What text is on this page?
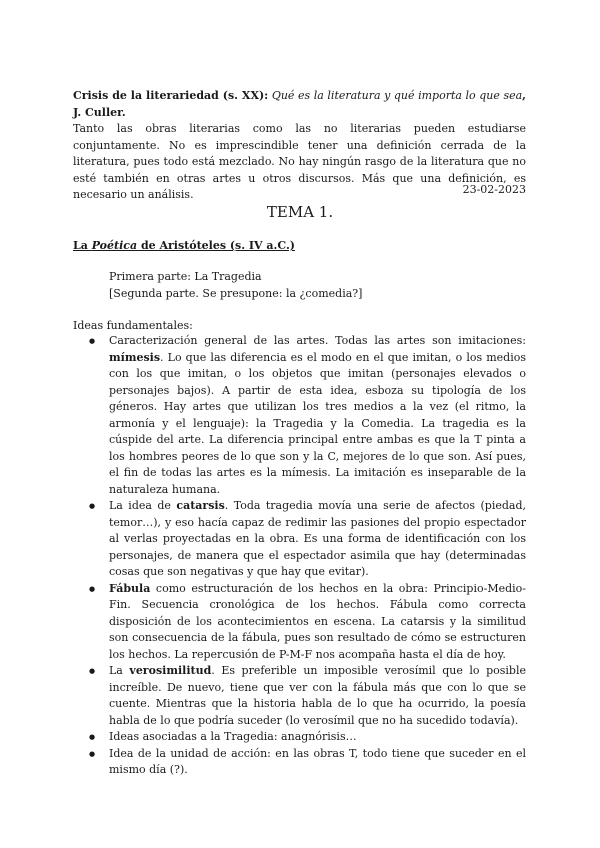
Crisis de la literariedad (s. XX): Qué es la literatura y qué importa lo que sea, J. Culler.
Tanto las obras literarias como las no literarias pueden estudiarse conjuntamente. No es imprescindible tener una definición cerrada de la literatura, pues todo está mezclado. No hay ningún rasgo de la literatura que no esté también en otras artes u otros discursos. Más que una definición, es necesario un análisis.	23-02-2023
TEMA 1.
La Poética de Aristóteles (s. IV a.C.)
Primera parte: La Tragedia
[Segunda parte. Se presupone: la ¿comedia?]
Ideas fundamentales:
● Caracterización general de las artes. Todas las artes son imitaciones: mímesis. Lo que las diferencia es el modo en el que imitan, o los medios con los que imitan, o los objetos que imitan (personajes elevados o personajes bajos). A partir de esta idea, esboza su tipología de los géneros. Hay artes que utilizan los tres medios a la vez (el ritmo, la armonía y el lenguaje): la Tragedia y la Comedia. La tragedia es la cúspide del arte. La diferencia principal entre ambas es que la T pinta a los hombres peores de lo que son y la C, mejores de lo que son. Así pues, el fin de todas las artes es la mímesis. La imitación es inseparable de la naturaleza humana.
● La idea de catarsis. Toda tragedia movía una serie de afectos (piedad, temor…), y eso hacía capaz de redimir las pasiones del propio espectador al verlas proyectadas en la obra. Es una forma de identificación con los personajes, de manera que el espectador asimila que hay (determinadas cosas que son negativas y que hay que evitar).
● Fábula como estructuración de los hechos en la obra: Principio-Medio-Fin. Secuencia cronológica de los hechos. Fábula como correcta disposición de los acontecimientos en escena. La catarsis y la similitud son consecuencia de la fábula, pues son resultado de cómo se estructuren los hechos. La repercusión de P-M-F nos acompaña hasta el día de hoy.
● La verosimilitud. Es preferible un imposible verosímil que lo posible increíble. De nuevo, tiene que ver con la fábula más que con lo que se cuente. Mientras que la historia habla de lo que ha ocurrido, la poesía habla de lo que podría suceder (lo verosímil que no ha sucedido todavía).
● Ideas asociadas a la Tragedia: anagnórisis…
● Idea de la unidad de acción: en las obras T, todo tiene que suceder en el mismo día (?).
